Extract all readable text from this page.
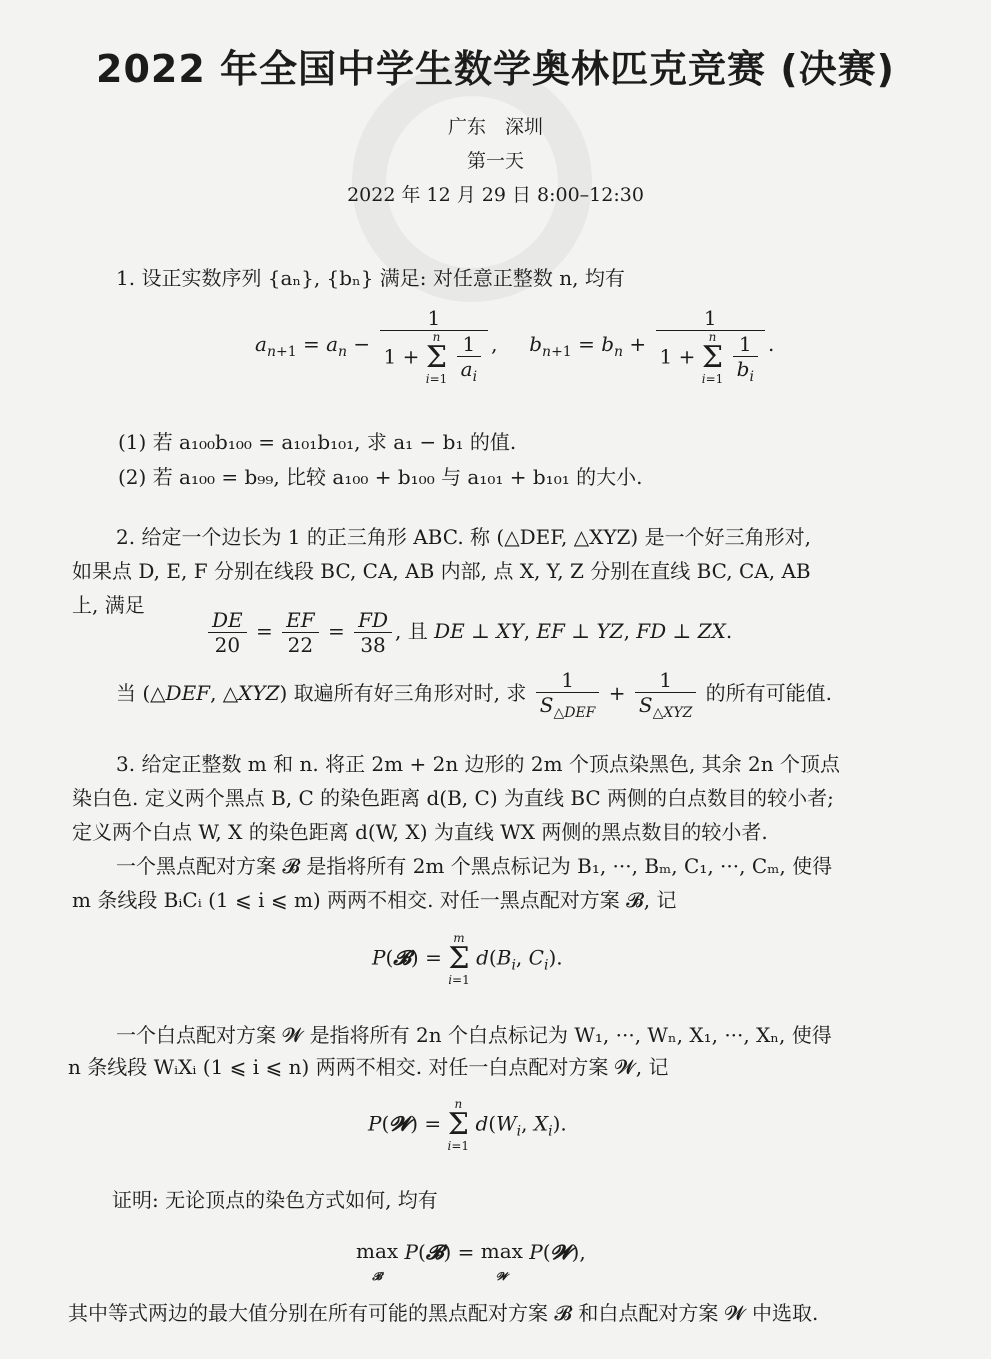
2022 年全国中学生数学奥林匹克竞赛 (决赛)
广东　深圳
第一天
2022 年 12 月 29 日 8:00–12:30
1. 设正实数序列 {aₙ}, {bₙ} 满足: 对任意正整数 n, 均有
$a_{n+1} = a_n - 1$
1 +
n
Σ
i=1
$\frac{1}{a_i}$ ,     $b_{n+1} = b_n + 1$
1 +
n
Σ
i=1
$\frac{1}{b_i}$ .
(1) 若 a₁₀₀b₁₀₀ = a₁₀₁b₁₀₁, 求 a₁ − b₁ 的值.
(2) 若 a₁₀₀ = b₉₉, 比较 a₁₀₀ + b₁₀₀ 与 a₁₀₁ + b₁₀₁ 的大小.
2. 给定一个边长为 1 的正三角形 ABC. 称 (△DEF, △XYZ) 是一个好三角形对,
如果点 D, E, F 分别在线段 BC, CA, AB 内部, 点 X, Y, Z 分别在直线 BC, CA, AB
上, 满足
$\frac{DE}{20} = \frac{EF}{22} = \frac{FD}{38}$ , 且 DE ⊥ XY, EF ⊥ YZ, FD ⊥ ZX.
当 (△DEF, △XYZ) 取遍所有好三角形对时, 求 $\frac{1}{S_{\triangle DEF}} + \frac{1}{S_{\triangle XYZ}}$ 的所有可能值.
3. 给定正整数 m 和 n. 将正 2m + 2n 边形的 2m 个顶点染黑色, 其余 2n 个顶点
染白色. 定义两个黑点 B, C 的染色距离 d(B, C) 为直线 BC 两侧的白点数目的较小者;
定义两个白点 W, X 的染色距离 d(W, X) 为直线 WX 两侧的黑点数目的较小者.
一个黑点配对方案 𝓑 是指将所有 2m 个黑点标记为 B₁, ···, Bₘ, C₁, ···, Cₘ, 使得
m 条线段 BᵢCᵢ (1 ⩽ i ⩽ m) 两两不相交. 对任一黑点配对方案 𝓑, 记
P(𝓑) =
m
Σ
i=1
$d(B_i$, $C_i$).
一个白点配对方案 𝓦 是指将所有 2n 个白点标记为 W₁, ···, Wₙ, X₁, ···, Xₙ, 使得
n 条线段 WᵢXᵢ (1 ⩽ i ⩽ n) 两两不相交. 对任一白点配对方案 𝓦, 记
P(𝓦) =
n
Σ
i=1
$d(W_i$, $X_i$).
证明: 无论顶点的染色方式如何, 均有
max
𝓑 P(𝓑) = max
𝓦 P(𝓦),
其中等式两边的最大值分别在所有可能的黑点配对方案 𝓑 和白点配对方案 𝓦 中选取.
